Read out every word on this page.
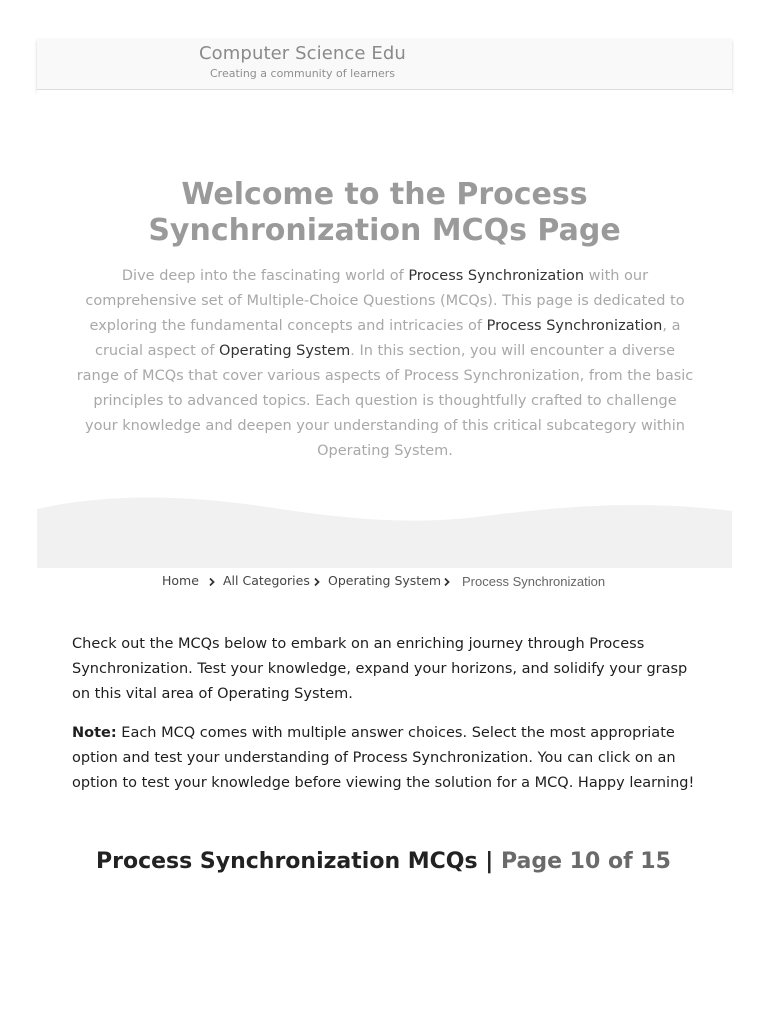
Computer Science Edu
Creating a community of learners
Welcome to the Process
Synchronization MCQs Page

Dive deep into the fascinating world of Process Synchronization with our comprehensive set of Multiple-Choice Questions (MCQs). This page is dedicated to exploring the fundamental concepts and intricacies of Process Synchronization, a crucial aspect of Operating System. In this section, you will encounter a diverse range of MCQs that cover various aspects of Process Synchronization, from the basic principles to advanced topics. Each question is thoughtfully crafted to challenge your knowledge and deepen your understanding of this critical subcategory within Operating System.

Home All Categories Operating System Process Synchronization

Check out the MCQs below to embark on an enriching journey through Process Synchronization. Test your knowledge, expand your horizons, and solidify your grasp on this vital area of Operating System.

Note: Each MCQ comes with multiple answer choices. Select the most appropriate option and test your understanding of Process Synchronization. You can click on an option to test your knowledge before viewing the solution for a MCQ. Happy learning!

Process Synchronization MCQs | Page 10 of 15
